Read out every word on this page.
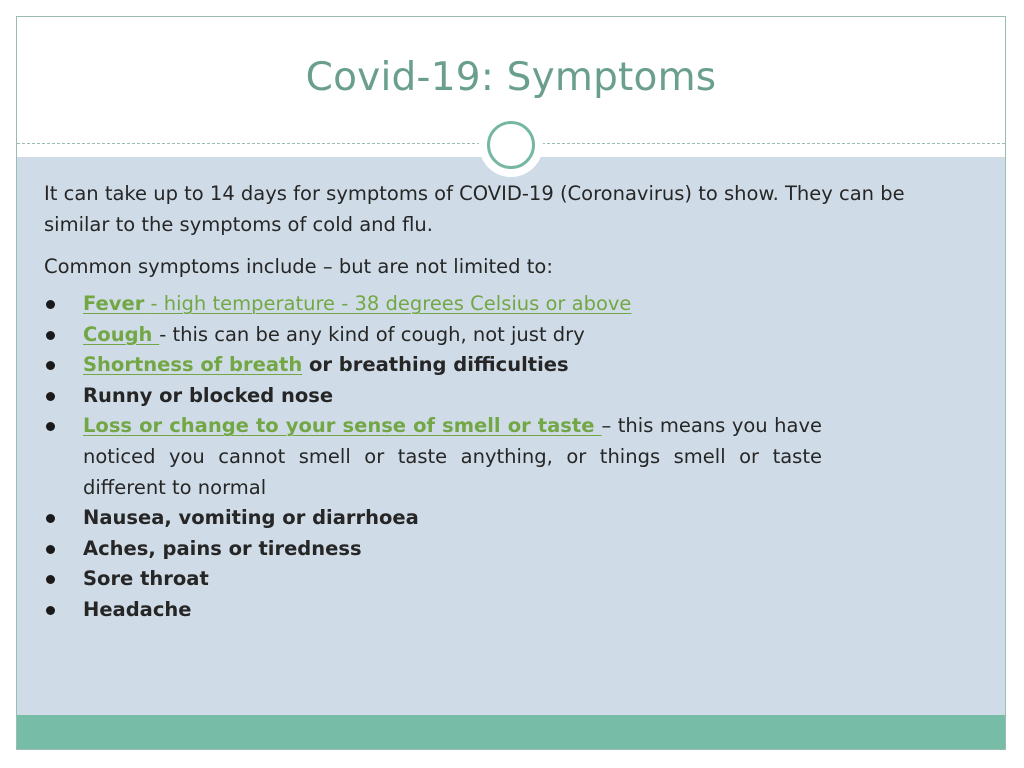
Covid-19: Symptoms

It can take up to 14 days for symptoms of COVID-19 (Coronavirus) to show. They can be similar to the symptoms of cold and flu.

Common symptoms include – but are not limited to:

Fever - high temperature - 38 degrees Celsius or above
Cough - this can be any kind of cough, not just dry
Shortness of breath or breathing difficulties
Runny or blocked nose
Loss or change to your sense of smell or taste – this means you have noticed you cannot smell or taste anything, or things smell or taste different to normal
Nausea, vomiting or diarrhoea
Aches, pains or tiredness
Sore throat
Headache
